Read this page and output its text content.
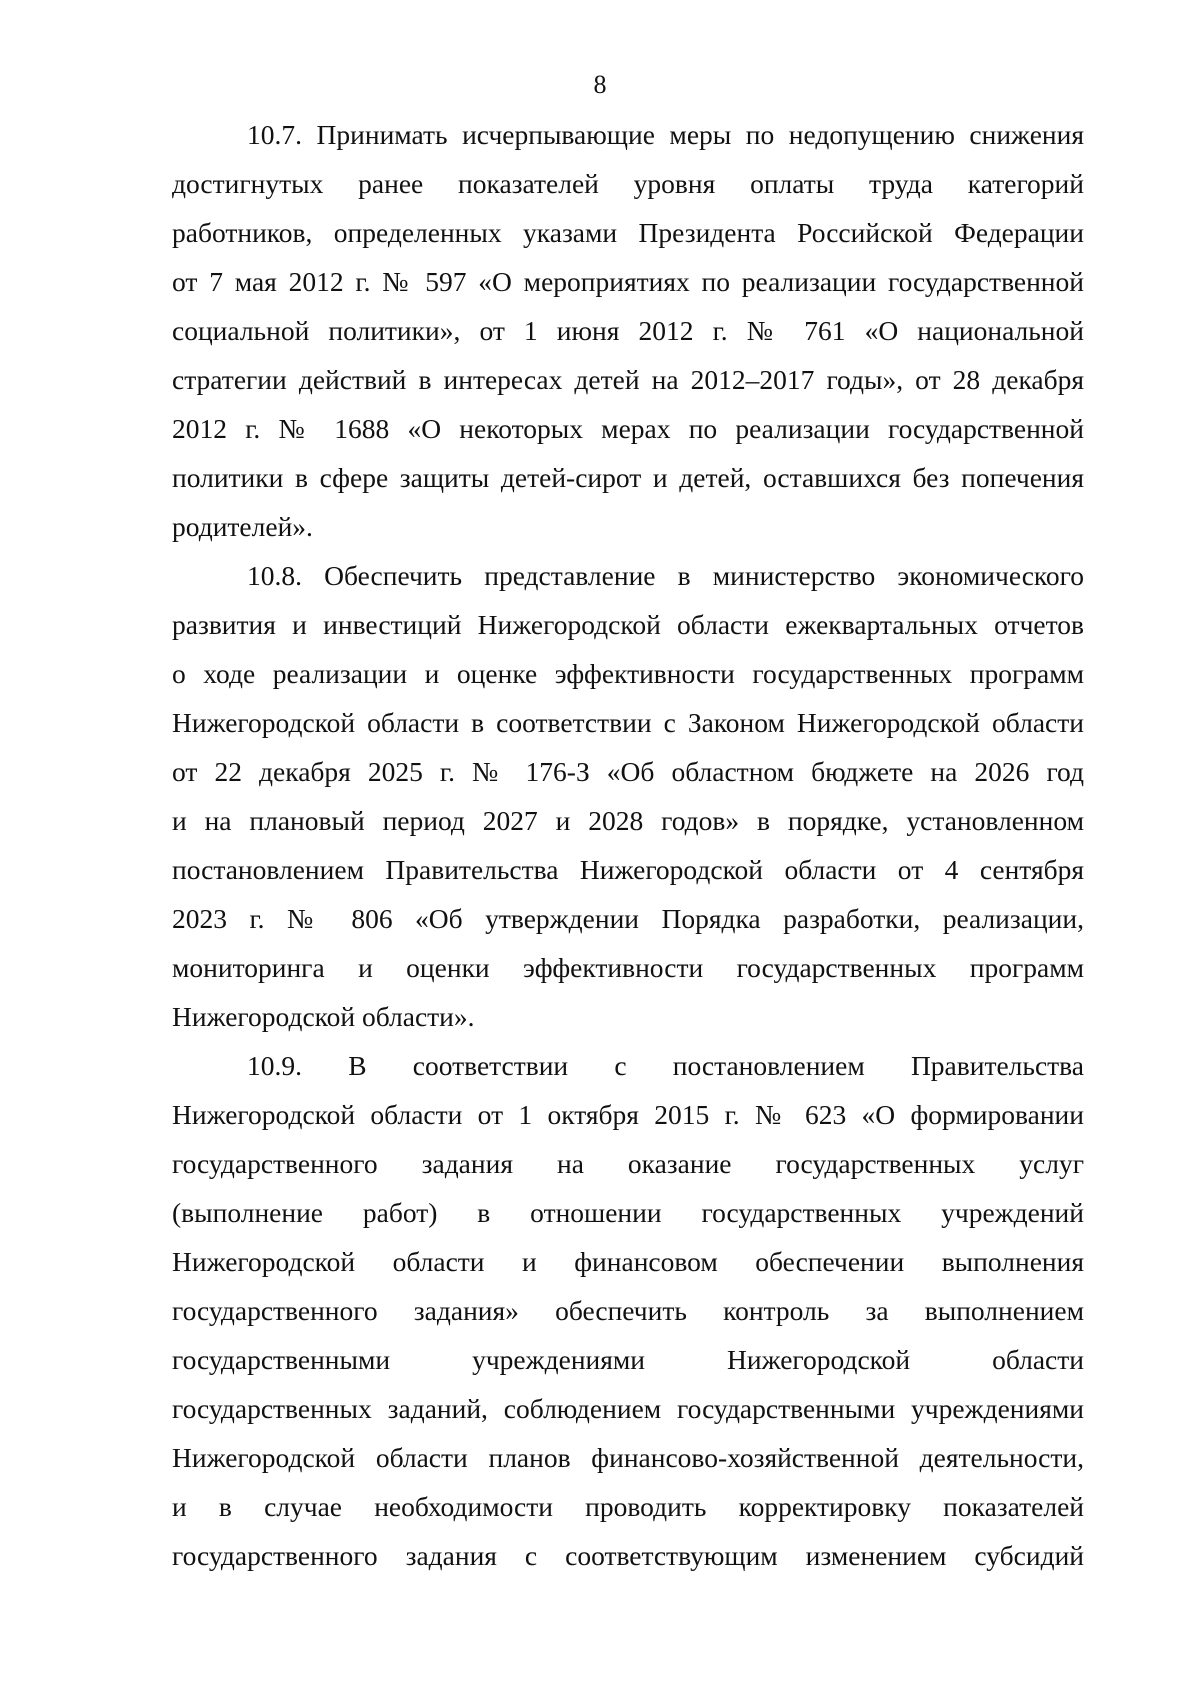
8
10.7. Принимать исчерпывающие меры по недопущению снижения
достигнутых ранее показателей уровня оплаты труда категорий
работников, определенных указами Президента Российской Федерации
от 7 мая 2012 г. № 597 «О мероприятиях по реализации государственной
социальной политики», от 1 июня 2012 г. № 761 «О национальной
стратегии действий в интересах детей на 2012–2017 годы», от 28 декабря
2012 г. № 1688 «О некоторых мерах по реализации государственной
политики в сфере защиты детей-сирот и детей, оставшихся без попечения
родителей».
10.8. Обеспечить представление в министерство экономического
развития и инвестиций Нижегородской области ежеквартальных отчетов
о ходе реализации и оценке эффективности государственных программ
Нижегородской области в соответствии с Законом Нижегородской области
от 22 декабря 2025 г. № 176-З «Об областном бюджете на 2026 год
и на плановый период 2027 и 2028 годов» в порядке, установленном
постановлением Правительства Нижегородской области от 4 сентября
2023 г. № 806 «Об утверждении Порядка разработки, реализации,
мониторинга и оценки эффективности государственных программ
Нижегородской области».
10.9. В соответствии с постановлением Правительства
Нижегородской области от 1 октября 2015 г. № 623 «О формировании
государственного задания на оказание государственных услуг
(выполнение работ) в отношении государственных учреждений
Нижегородской области и финансовом обеспечении выполнения
государственного задания» обеспечить контроль за выполнением
государственными учреждениями Нижегородской области
государственных заданий, соблюдением государственными учреждениями
Нижегородской области планов финансово-хозяйственной деятельности,
и в случае необходимости проводить корректировку показателей
государственного задания с соответствующим изменением субсидий
